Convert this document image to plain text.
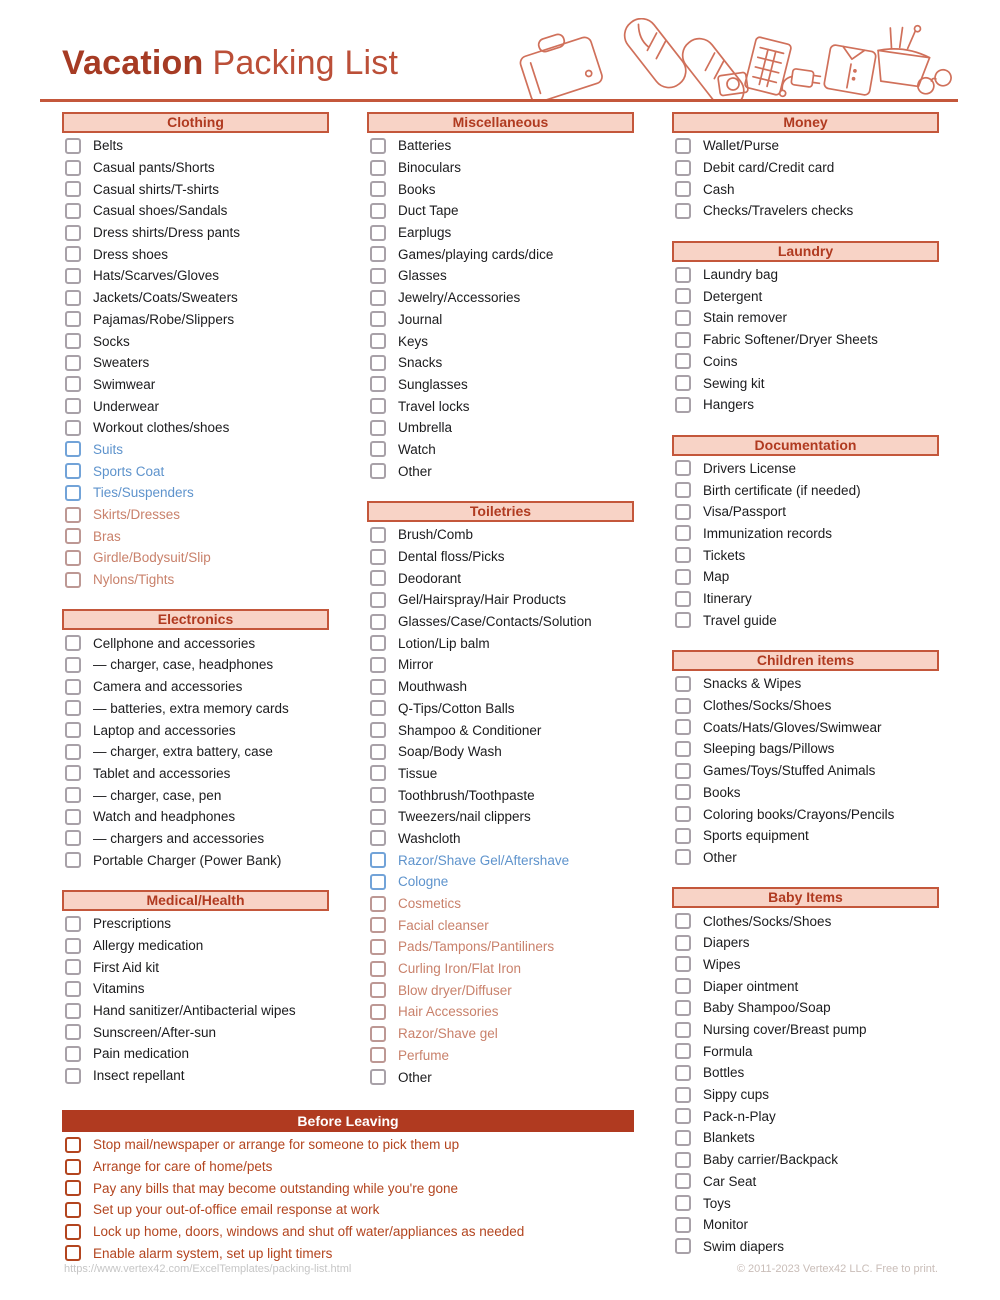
Vacation Packing List
Clothing
Belts
Casual pants/Shorts
Casual shirts/T-shirts
Casual shoes/Sandals
Dress shirts/Dress pants
Dress shoes
Hats/Scarves/Gloves
Jackets/Coats/Sweaters
Pajamas/Robe/Slippers
Socks
Sweaters
Swimwear
Underwear
Workout clothes/shoes
Suits
Sports Coat
Ties/Suspenders
Skirts/Dresses
Bras
Girdle/Bodysuit/Slip
Nylons/Tights
Electronics
Cellphone and accessories
— charger, case, headphones
Camera and accessories
— batteries, extra memory cards
Laptop and accessories
— charger, extra battery, case
Tablet and accessories
— charger, case, pen
Watch and headphones
— chargers and accessories
Portable Charger (Power Bank)
Medical/Health
Prescriptions
Allergy medication
First Aid kit
Vitamins
Hand sanitizer/Antibacterial wipes
Sunscreen/After-sun
Pain medication
Insect repellant
Miscellaneous
Batteries
Binoculars
Books
Duct Tape
Earplugs
Games/playing cards/dice
Glasses
Jewelry/Accessories
Journal
Keys
Snacks
Sunglasses
Travel locks
Umbrella
Watch
Other
Toiletries
Brush/Comb
Dental floss/Picks
Deodorant
Gel/Hairspray/Hair Products
Glasses/Case/Contacts/Solution
Lotion/Lip balm
Mirror
Mouthwash
Q-Tips/Cotton Balls
Shampoo & Conditioner
Soap/Body Wash
Tissue
Toothbrush/Toothpaste
Tweezers/nail clippers
Washcloth
Razor/Shave Gel/Aftershave
Cologne
Cosmetics
Facial cleanser
Pads/Tampons/Pantiliners
Curling Iron/Flat Iron
Blow dryer/Diffuser
Hair Accessories
Razor/Shave gel
Perfume
Other
Money
Wallet/Purse
Debit card/Credit card
Cash
Checks/Travelers checks
Laundry
Laundry bag
Detergent
Stain remover
Fabric Softener/Dryer Sheets
Coins
Sewing kit
Hangers
Documentation
Drivers License
Birth certificate (if needed)
Visa/Passport
Immunization records
Tickets
Map
Itinerary
Travel guide
Children items
Snacks & Wipes
Clothes/Socks/Shoes
Coats/Hats/Gloves/Swimwear
Sleeping bags/Pillows
Games/Toys/Stuffed Animals
Books
Coloring books/Crayons/Pencils
Sports equipment
Other
Baby Items
Clothes/Socks/Shoes
Diapers
Wipes
Diaper ointment
Baby Shampoo/Soap
Nursing cover/Breast pump
Formula
Bottles
Sippy cups
Pack-n-Play
Blankets
Baby carrier/Backpack
Car Seat
Toys
Monitor
Swim diapers
Before Leaving
Stop mail/newspaper or arrange for someone to pick them up
Arrange for care of home/pets
Pay any bills that may become outstanding while you're gone
Set up your out-of-office email response at work
Lock up home, doors, windows and shut off water/appliances as needed
Enable alarm system, set up light timers
https://www.vertex42.com/ExcelTemplates/packing-list.html	© 2011-2023 Vertex42 LLC. Free to print.
